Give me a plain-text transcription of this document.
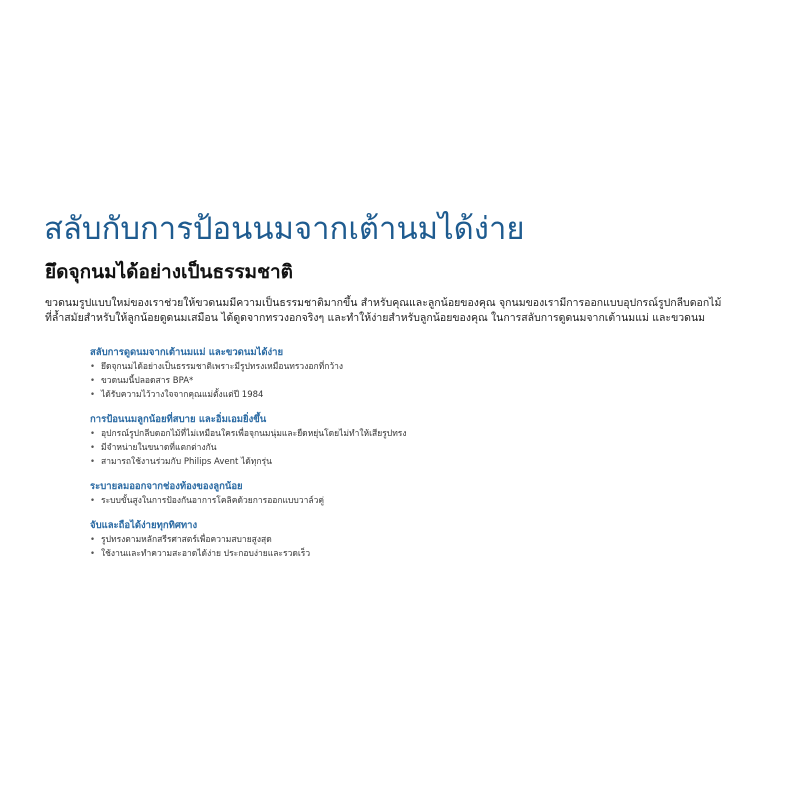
สลับกับการป้อนนมจากเต้านมได้ง่าย
ยึดจุกนมได้อย่างเป็นธรรมชาติ

ขวดนมรูปแบบใหม่ของเราช่วยให้ขวดนมมีความเป็นธรรมชาติมากขึ้น สำหรับคุณและลูกน้อยของคุณ จุกนมของเรามีการออกแบบอุปกรณ์รูปกลีบดอกไม้
ที่ล้ำสมัยสำหรับให้ลูกน้อยดูดนมเสมือน ได้ดูดจากทรวงอกจริงๆ และทำให้ง่ายสำหรับลูกน้อยของคุณ ในการสลับการดูดนมจากเต้านมแม่ และขวดนม

สลับการดูดนมจากเต้านมแม่ และขวดนมได้ง่าย

• ยึดจุกนมได้อย่างเป็นธรรมชาติเพราะมีรูปทรงเหมือนทรวงอกที่กว้าง
• ขวดนมนี้ปลอดสาร BPA*
• ได้รับความไว้วางใจจากคุณแม่ตั้งแต่ปี 1984

การป้อนนมลูกน้อยที่สบาย และอิ่มเอมยิ่งขึ้น

• อุปกรณ์รูปกลีบดอกไม้ที่ไม่เหมือนใครเพื่อจุกนมนุ่มและยืดหยุ่นโดยไม่ทำให้เสียรูปทรง
• มีจำหน่ายในขนาดที่แตกต่างกัน
• สามารถใช้งานร่วมกับ Philips Avent ได้ทุกรุ่น

ระบายลมออกจากช่องท้องของลูกน้อย

• ระบบขั้นสูงในการป้องกันอาการโคลิคด้วยการออกแบบวาล์วคู่

จับและถือได้ง่ายทุกทิศทาง

• รูปทรงตามหลักสรีรศาสตร์เพื่อความสบายสูงสุด
• ใช้งานและทำความสะอาดได้ง่าย ประกอบง่ายและรวดเร็ว
